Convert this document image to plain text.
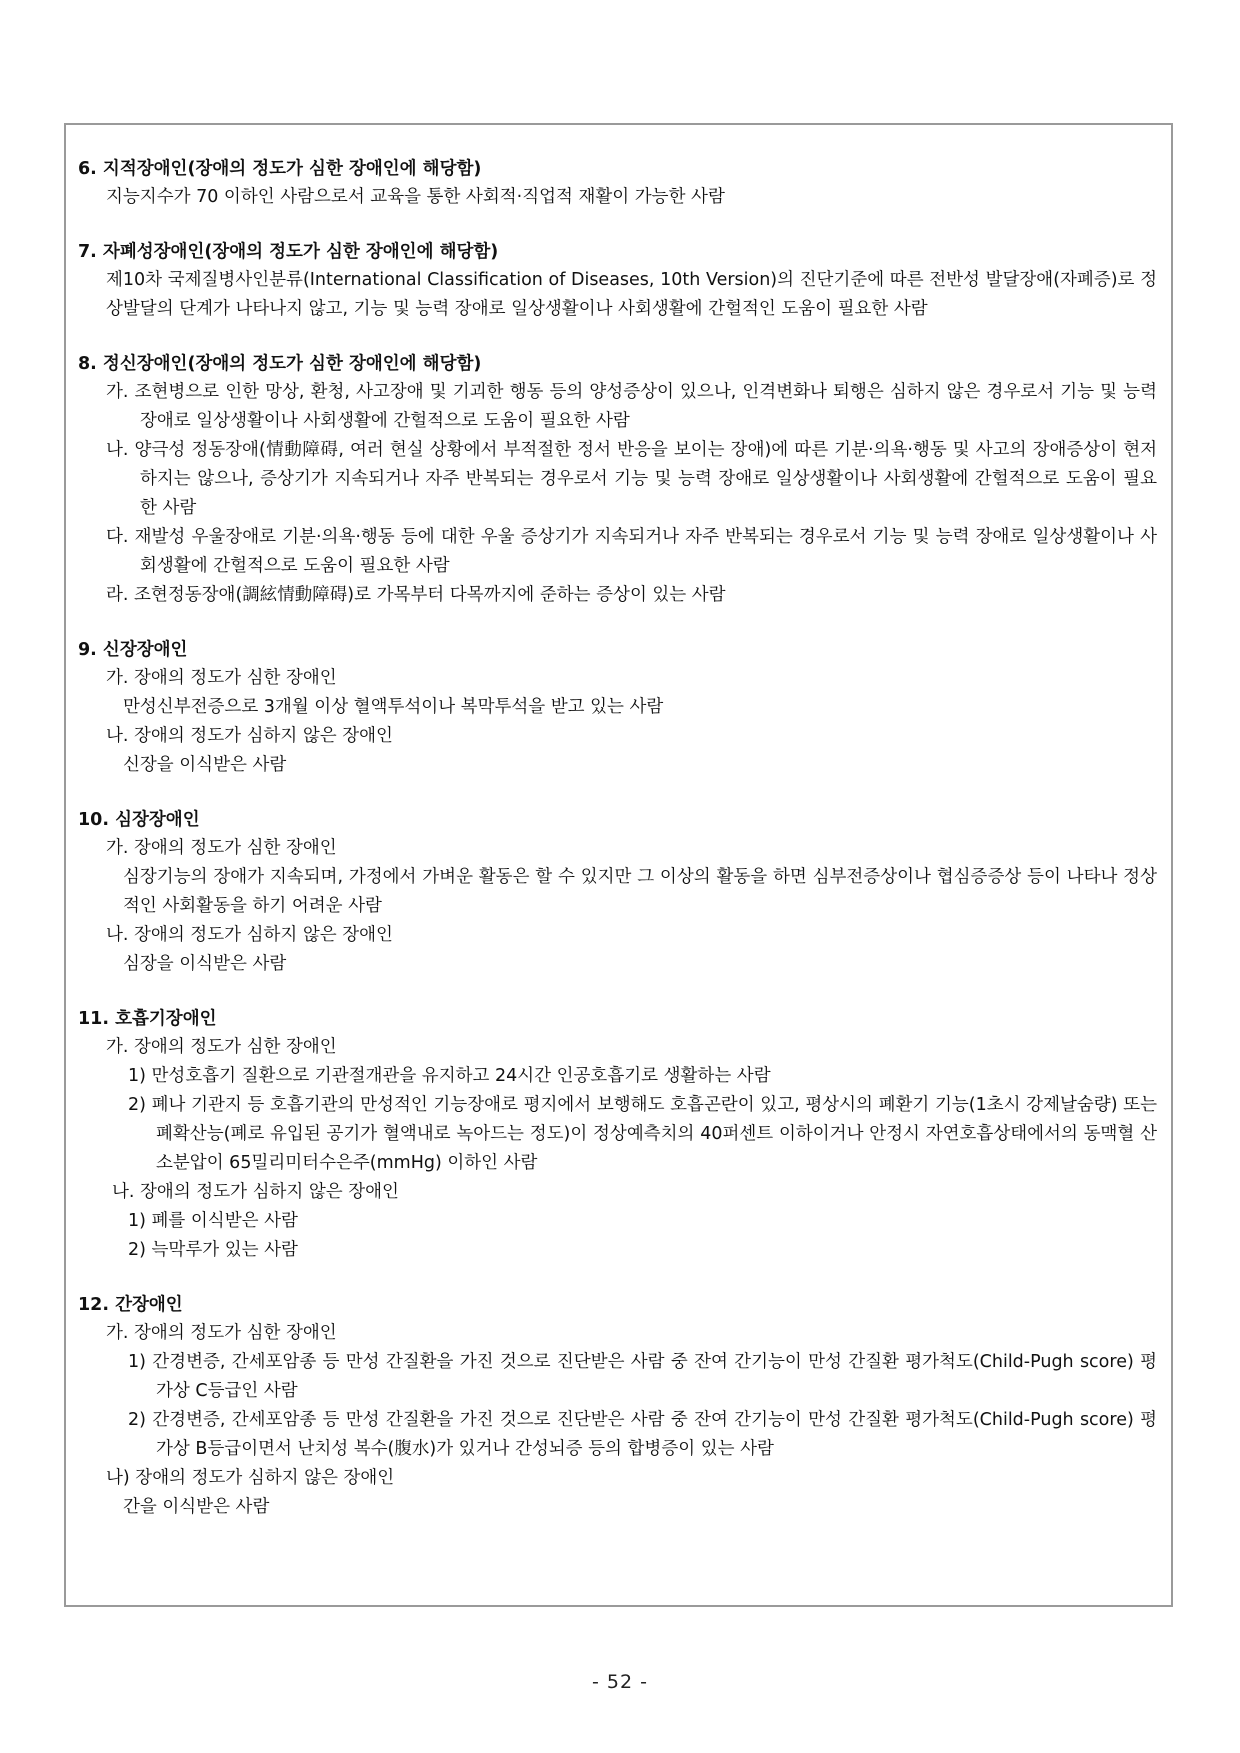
6. 지적장애인(장애의 정도가 심한 장애인에 해당함)

지능지수가 70 이하인 사람으로서 교육을 통한 사회적·직업적 재활이 가능한 사람

7. 자폐성장애인(장애의 정도가 심한 장애인에 해당함)

제10차 국제질병사인분류(International Classification of Diseases, 10th Version)의 진단기준에 따른 전반성 발달장애(자폐증)로 정상발달의 단계가 나타나지 않고, 기능 및 능력 장애로 일상생활이나 사회생활에 간헐적인 도움이 필요한 사람

8. 정신장애인(장애의 정도가 심한 장애인에 해당함)

가. 조현병으로 인한 망상, 환청, 사고장애 및 기괴한 행동 등의 양성증상이 있으나, 인격변화나 퇴행은 심하지 않은 경우로서 기능 및 능력 장애로 일상생활이나 사회생활에 간헐적으로 도움이 필요한 사람

나. 양극성 정동장애(情動障碍, 여러 현실 상황에서 부적절한 정서 반응을 보이는 장애)에 따른 기분·의욕·행동 및 사고의 장애증상이 현저하지는 않으나, 증상기가 지속되거나 자주 반복되는 경우로서 기능 및 능력 장애로 일상생활이나 사회생활에 간헐적으로 도움이 필요한 사람

다. 재발성 우울장애로 기분·의욕·행동 등에 대한 우울 증상기가 지속되거나 자주 반복되는 경우로서 기능 및 능력 장애로 일상생활이나 사회생활에 간헐적으로 도움이 필요한 사람

라. 조현정동장애(調絃情動障碍)로 가목부터 다목까지에 준하는 증상이 있는 사람

9. 신장장애인

가. 장애의 정도가 심한 장애인

만성신부전증으로 3개월 이상 혈액투석이나 복막투석을 받고 있는 사람

나. 장애의 정도가 심하지 않은 장애인

신장을 이식받은 사람

10. 심장장애인

가. 장애의 정도가 심한 장애인

심장기능의 장애가 지속되며, 가정에서 가벼운 활동은 할 수 있지만 그 이상의 활동을 하면 심부전증상이나 협심증증상 등이 나타나 정상적인 사회활동을 하기 어려운 사람

나. 장애의 정도가 심하지 않은 장애인

심장을 이식받은 사람

11. 호흡기장애인

가. 장애의 정도가 심한 장애인

1) 만성호흡기 질환으로 기관절개관을 유지하고 24시간 인공호흡기로 생활하는 사람

2) 폐나 기관지 등 호흡기관의 만성적인 기능장애로 평지에서 보행해도 호흡곤란이 있고, 평상시의 폐환기 기능(1초시 강제날숨량) 또는 폐확산능(폐로 유입된 공기가 혈액내로 녹아드는 정도)이 정상예측치의 40퍼센트 이하이거나 안정시 자연호흡상태에서의 동맥혈 산소분압이 65밀리미터수은주(mmHg) 이하인 사람

나. 장애의 정도가 심하지 않은 장애인

1) 폐를 이식받은 사람

2) 늑막루가 있는 사람

12. 간장애인

가. 장애의 정도가 심한 장애인

1) 간경변증, 간세포암종 등 만성 간질환을 가진 것으로 진단받은 사람 중 잔여 간기능이 만성 간질환 평가척도(Child-Pugh score) 평가상 C등급인 사람

2) 간경변증, 간세포암종 등 만성 간질환을 가진 것으로 진단받은 사람 중 잔여 간기능이 만성 간질환 평가척도(Child-Pugh score) 평가상 B등급이면서 난치성 복수(腹水)가 있거나 간성뇌증 등의 합병증이 있는 사람

나) 장애의 정도가 심하지 않은 장애인

간을 이식받은 사람

- 52 -
